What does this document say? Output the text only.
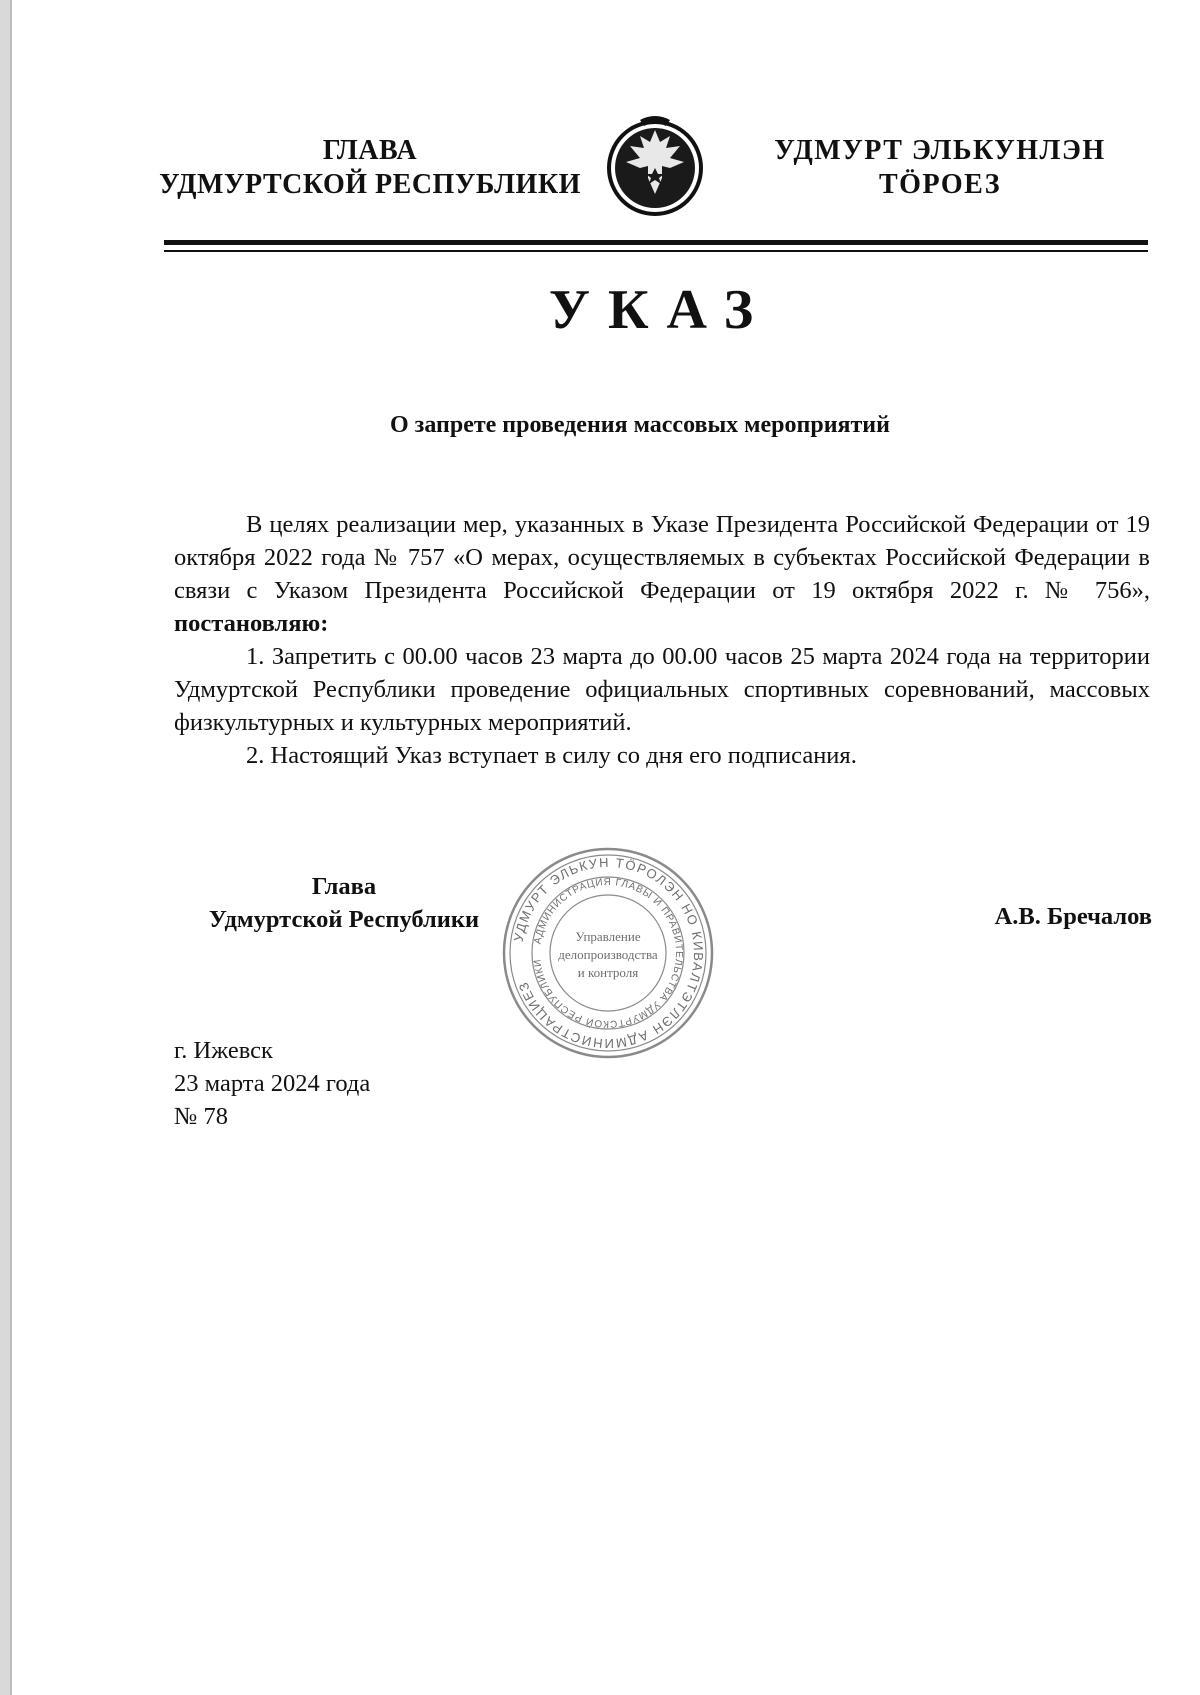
ГЛАВА
УДМУРТСКОЙ РЕСПУБЛИКИ
УДМУРТ ЭЛЬКУНЛЭН
ТӦРОЕЗ
УКАЗ
О запрете проведения массовых мероприятий

В целях реализации мер, указанных в Указе Президента Российской Федерации от 19 октября 2022 года № 757 «О мерах, осуществляемых в субъектах Российской Федерации в связи с Указом Президента Российской Федерации от 19 октября 2022 г. № 756», постановляю:

1. Запретить с 00.00 часов 23 марта до 00.00 часов 25 марта 2024 года на территории Удмуртской Республики проведение официальных спортивных соревнований, массовых физкультурных и культурных мероприятий.

2. Настоящий Указ вступает в силу со дня его подписания.

Глава
Удмуртской Республики
УДМУРТ ЭЛЬКУН ТӦРОЛЭН НО КИВАЛТЭТЛЭН АДМИНИСТРАЦИЕЗ
АДМИНИСТРАЦИЯ ГЛАВЫ И ПРАВИТЕЛЬСТВА УДМУРТСКОЙ РЕСПУБЛИКИ
Управление
делопроизводства
и контроля
А.В. Бречалов
г. Ижевск
23 марта 2024 года
№ 78
